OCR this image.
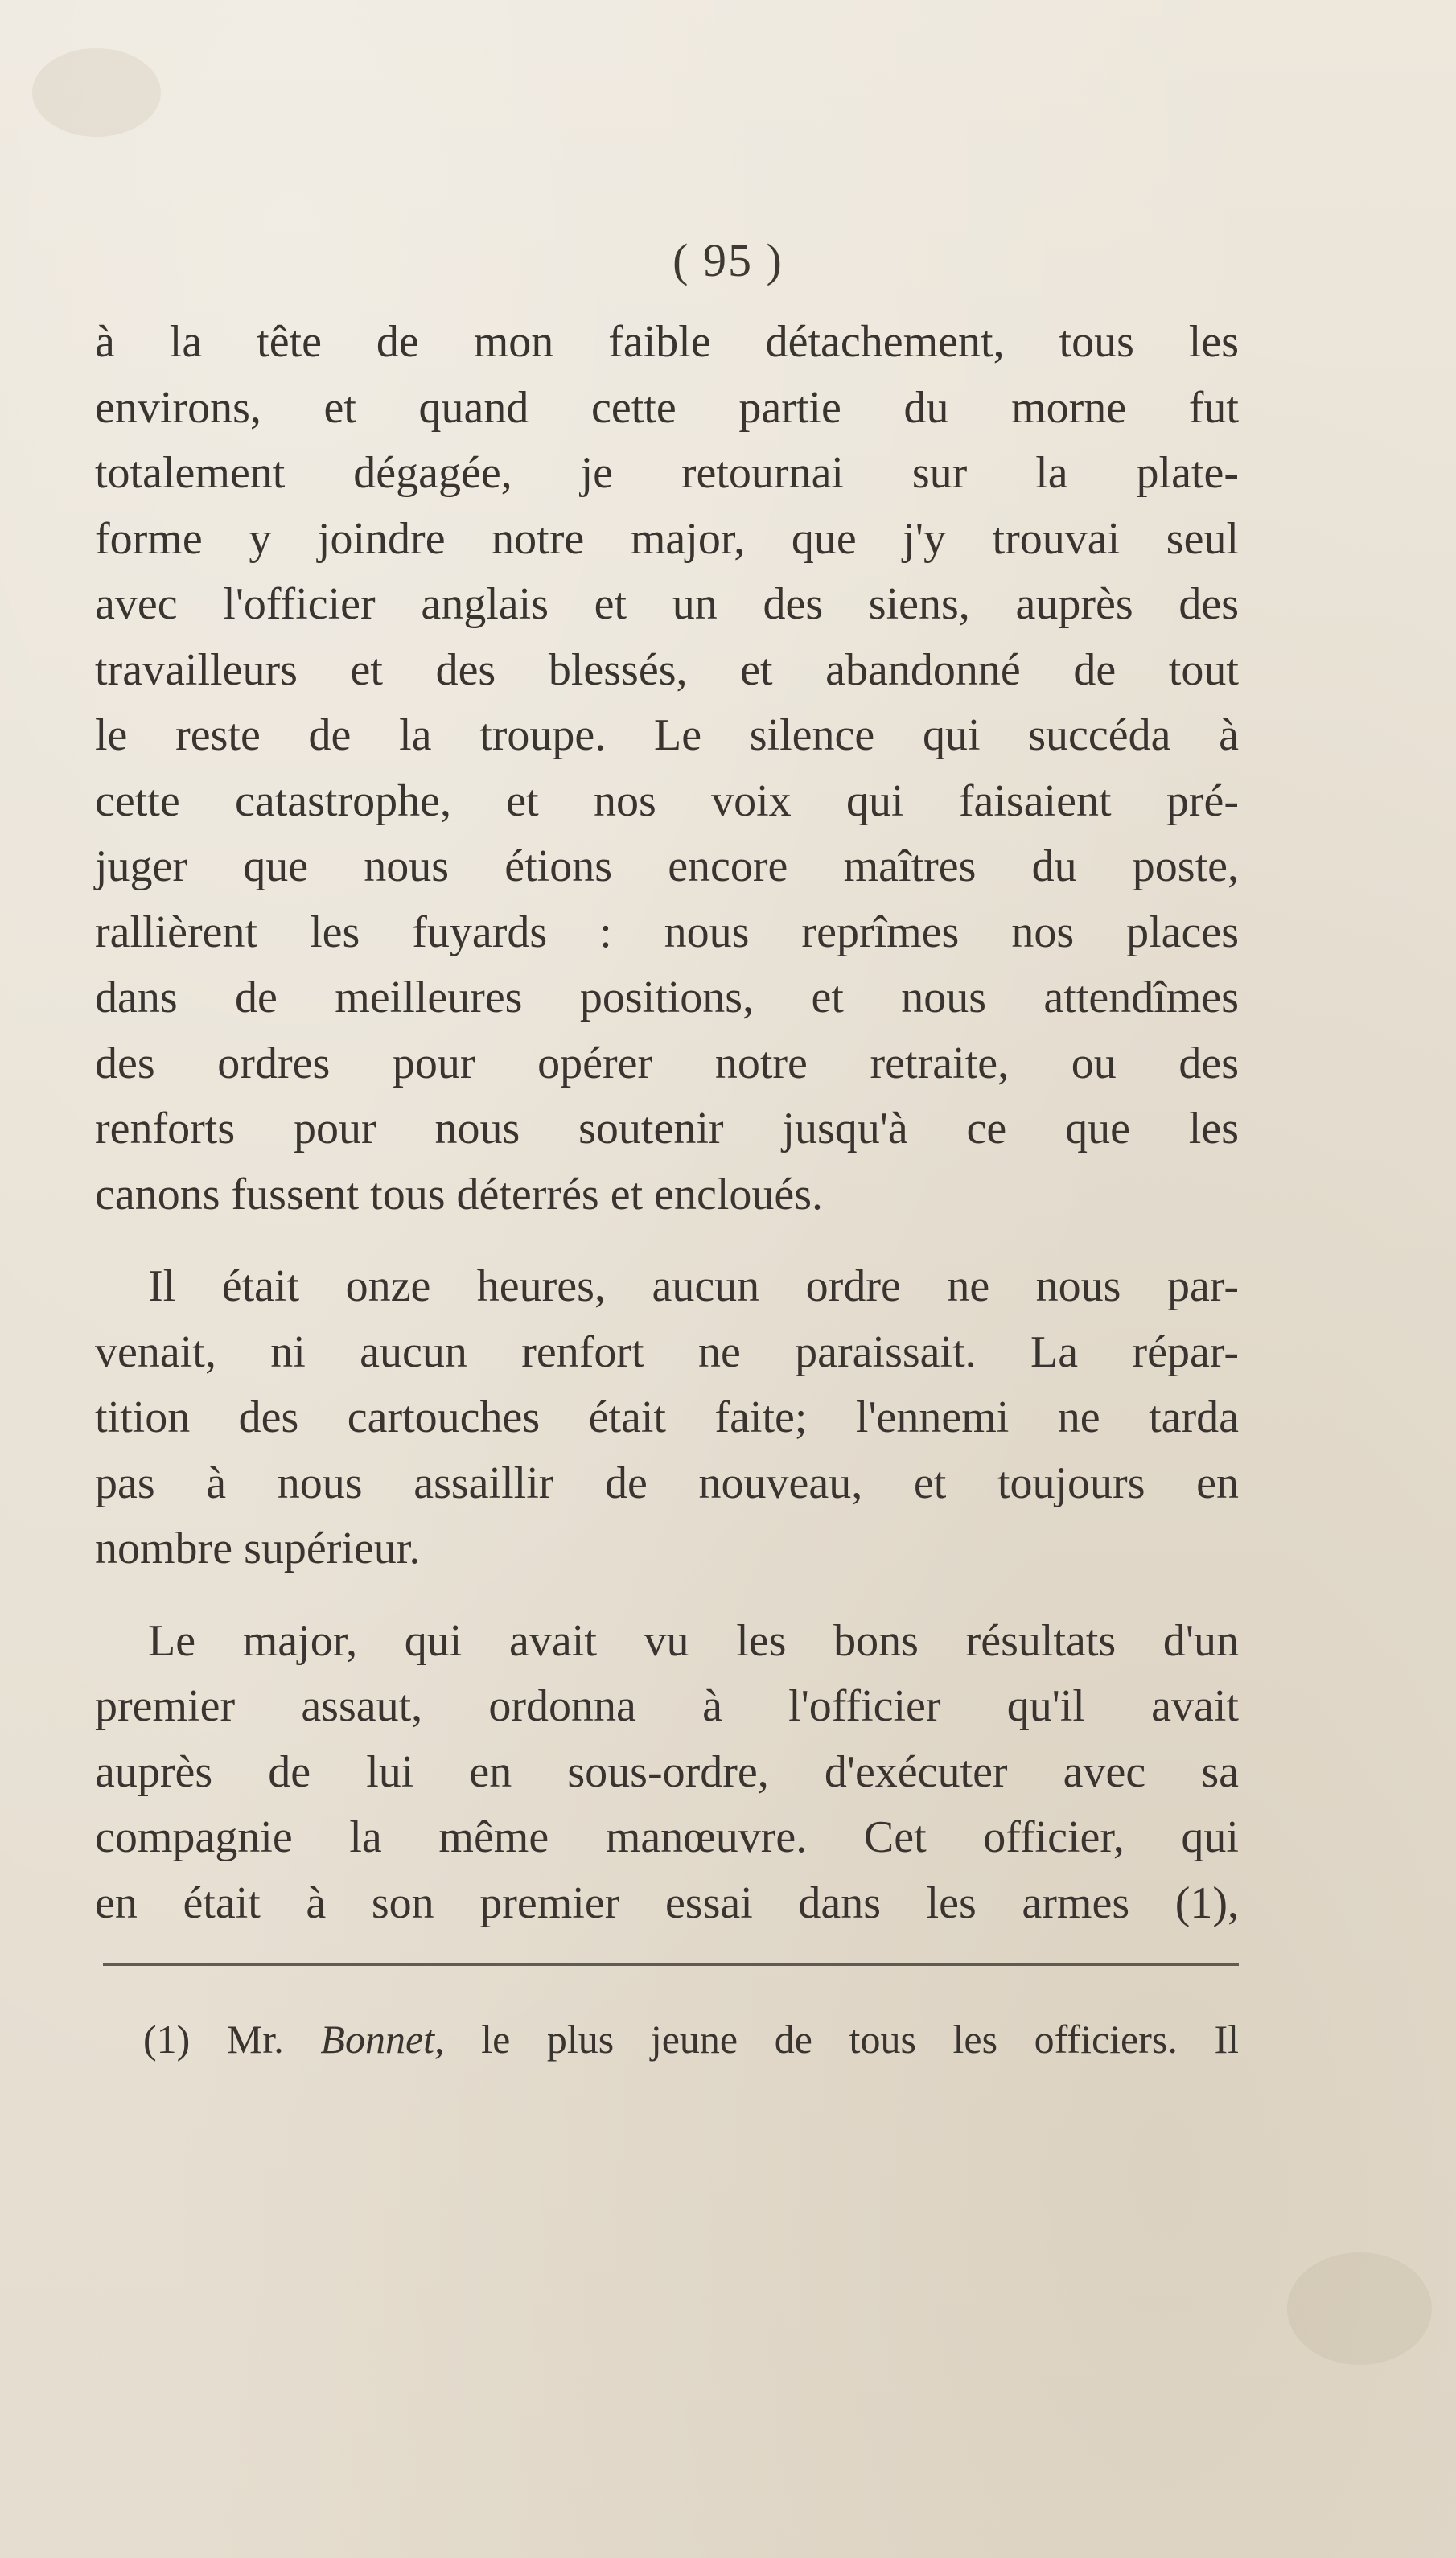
( 95 )
à la tête de mon faible détachement, tous les
environs, et quand cette partie du morne fut
totalement dégagée, je retournai sur la plate-
forme y joindre notre major, que j'y trouvai seul
avec l'officier anglais et un des siens, auprès des
travailleurs et des blessés, et abandonné de tout
le reste de la troupe. Le silence qui succéda à
cette catastrophe, et nos voix qui faisaient pré-
juger que nous étions encore maîtres du poste,
rallièrent les fuyards : nous reprîmes nos places
dans de meilleures positions, et nous attendîmes
des ordres pour opérer notre retraite, ou des
renforts pour nous soutenir jusqu'à ce que les
canons fussent tous déterrés et encloués.
Il était onze heures, aucun ordre ne nous par-
venait, ni aucun renfort ne paraissait. La répar-
tition des cartouches était faite; l'ennemi ne tarda
pas à nous assaillir de nouveau, et toujours en
nombre supérieur.
Le major, qui avait vu les bons résultats d'un
premier assaut, ordonna à l'officier qu'il avait
auprès de lui en sous-ordre, d'exécuter avec sa
compagnie la même manœuvre. Cet officier, qui
en était à son premier essai dans les armes (1),
(1) Mr. Bonnet, le plus jeune de tous les officiers. Il
